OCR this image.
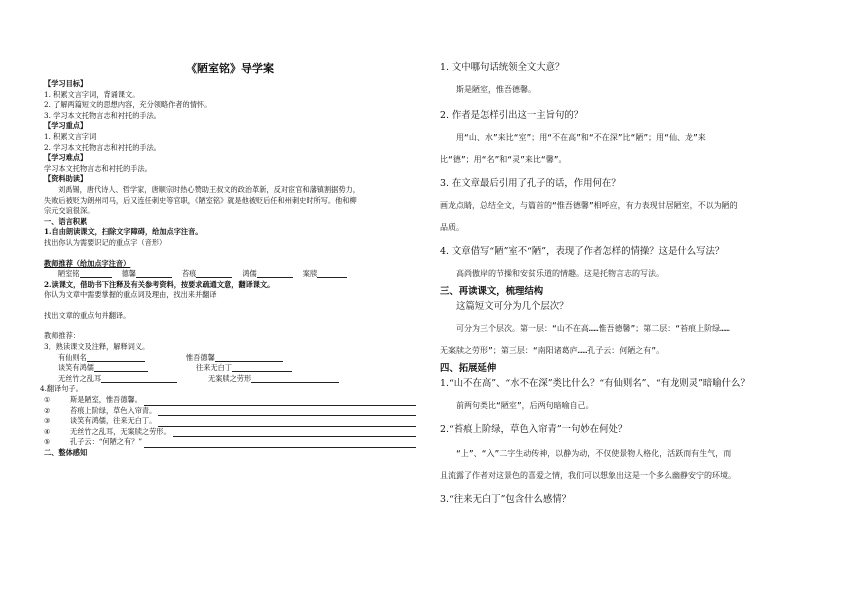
《陋室铭》导学案
【学习目标】
1. 积累文言字词，背诵课文。
2. 了解两篇短文的思想内容，充分领略作者的情怀。
3. 学习本文托物言志和衬托的手法。
【学习重点】
1. 积累文言字词
2. 学习本文托物言志和衬托的手法。
【学习难点】
学习本文托物言志和衬托的手法。
【资料助读】
刘禹锡，唐代诗人、哲学家，唐顺宗时热心赞助王叔文的政治革新，反对宦官和藩镇割据势力，
失败后被贬为朗州司马，后又连任刺史等官职，《陋室铭》就是他被贬后任和州刺史时所写。他和柳
宗元交谊很深。
一、语言积累
1.自由朗读课文，扫除文字障碍，给加点字注音。
找出你认为需要识记的重点字（音形）
教师推荐（给加点字注音）
陋室铭	德馨	苔痕	鸿儒	案牍
2.读课文，借助书下注释及有关参考资料，按要求疏通文意，翻译课文。
你认为文章中需要掌握的重点词及理由，找出来并翻译
找出文章的重点句并翻译。
教师推荐：
3．熟读课文及注释，解释词义。
有仙则名	惟吾德馨
谈笑有鸿儒	往来无白丁
无丝竹之乱耳	无案牍之劳形
4.翻译句子。
①	斯是陋室，惟吾德馨。
②	苔痕上阶绿，草色入帘青。
③	谈笑有鸿儒，往来无白丁。
④	无丝竹之乱耳，无案牍之劳形。
⑤	孔子云：“何陋之有？”
二、整体感知
1. 文中哪句话统领全文大意？
斯是陋室，惟吾德馨。
2. 作者是怎样引出这一主旨句的？
用“山、水”来比“室”；用“不在高”和“不在深”比“陋”；用“仙、龙”来
比“德”；用“名”和“灵”来比“馨”。
3. 在文章最后引用了孔子的话，作用何在？
画龙点睛，总结全文，与篇首的“惟吾德馨”相呼应，有力表现甘居陋室，不以为陋的
品质。
4. 文章借写“陋”室不“陋”，表现了作者怎样的情操？这是什么写法？
高尚傲岸的节操和安贫乐道的情趣。这是托物言志的写法。
三、再读课文，梳理结构
这篇短文可分为几个层次？
可分为三个层次。第一层：“山不在高……惟吾德馨”；第二层：“苔痕上阶绿……
无案牍之劳形”；第三层：“南阳诸葛庐……孔子云：何陋之有”。
四、拓展延伸
1.“山不在高”、“水不在深”类比什么？“有仙则名”、“有龙则灵”暗喻什么？
前两句类比“陋室”，后两句暗喻自己。
2.“苔痕上阶绿，草色入帘青”一句妙在何处？
“上”、“入”二字生动传神，以静为动，不仅使景物人格化，活跃而有生气，而
且流露了作者对这景色的喜爱之情，我们可以想象出这是一个多么幽静安宁的环境。
3.“往来无白丁”包含什么感情？
